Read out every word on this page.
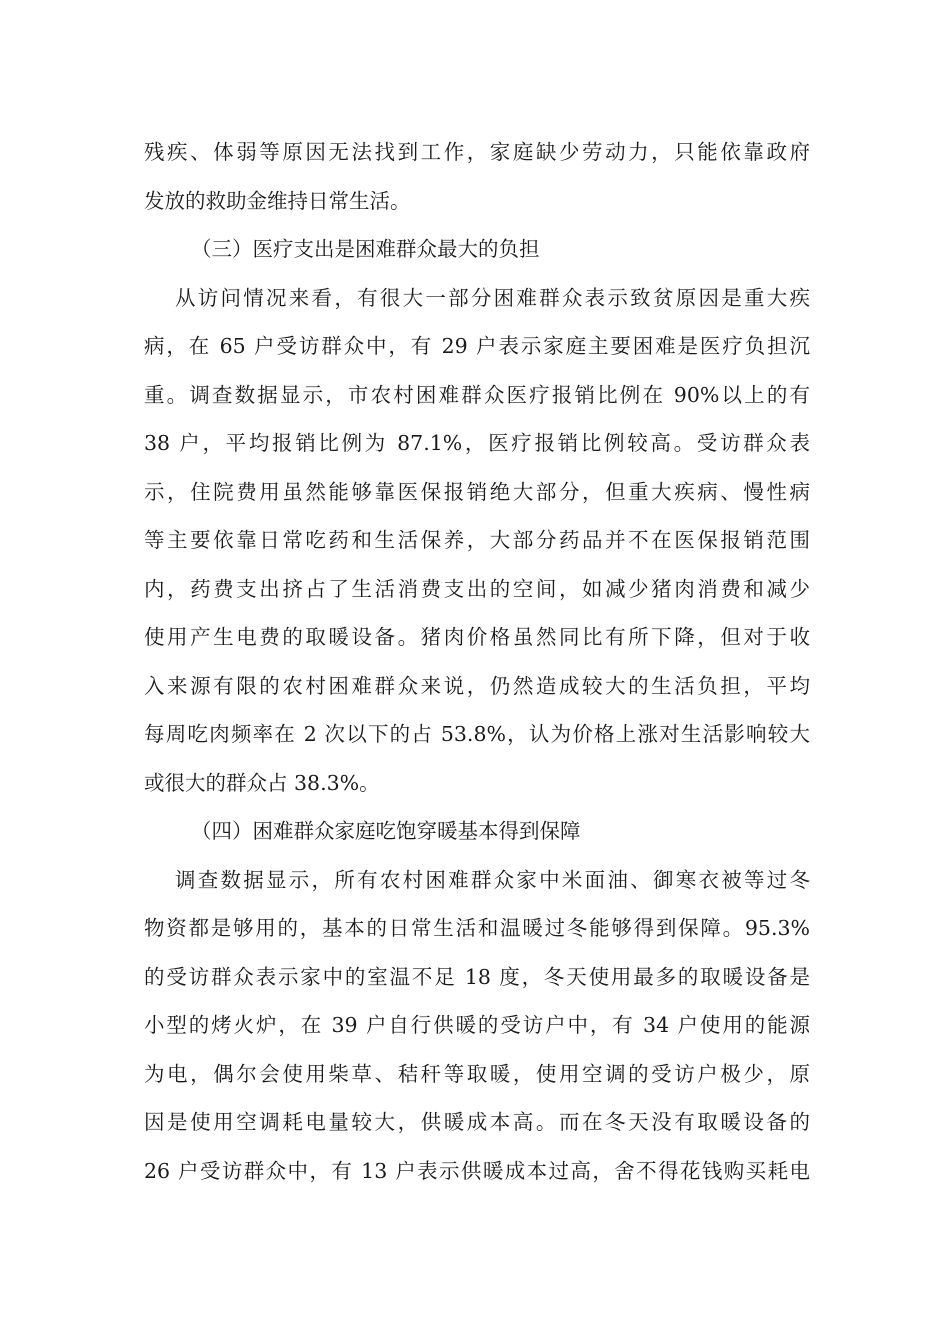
残疾、体弱等原因无法找到工作，家庭缺少劳动力，只能依靠政府
发放的救助金维持日常生活。
（三）医疗支出是困难群众最大的负担
从访问情况来看，有很大一部分困难群众表示致贫原因是重大疾
病，在 65 户受访群众中，有 29 户表示家庭主要困难是医疗负担沉
重。调查数据显示，市农村困难群众医疗报销比例在 90%以上的有
38 户，平均报销比例为 87.1%，医疗报销比例较高。受访群众表
示，住院费用虽然能够靠医保报销绝大部分，但重大疾病、慢性病
等主要依靠日常吃药和生活保养，大部分药品并不在医保报销范围
内，药费支出挤占了生活消费支出的空间，如减少猪肉消费和减少
使用产生电费的取暖设备。猪肉价格虽然同比有所下降，但对于收
入来源有限的农村困难群众来说，仍然造成较大的生活负担，平均
每周吃肉频率在 2 次以下的占 53.8%，认为价格上涨对生活影响较大
或很大的群众占 38.3%。
（四）困难群众家庭吃饱穿暖基本得到保障
调查数据显示，所有农村困难群众家中米面油、御寒衣被等过冬
物资都是够用的，基本的日常生活和温暖过冬能够得到保障。95.3%
的受访群众表示家中的室温不足 18 度，冬天使用最多的取暖设备是
小型的烤火炉，在 39 户自行供暖的受访户中，有 34 户使用的能源
为电，偶尔会使用柴草、秸秆等取暖，使用空调的受访户极少，原
因是使用空调耗电量较大，供暖成本高。而在冬天没有取暖设备的
26 户受访群众中，有 13 户表示供暖成本过高，舍不得花钱购买耗电
